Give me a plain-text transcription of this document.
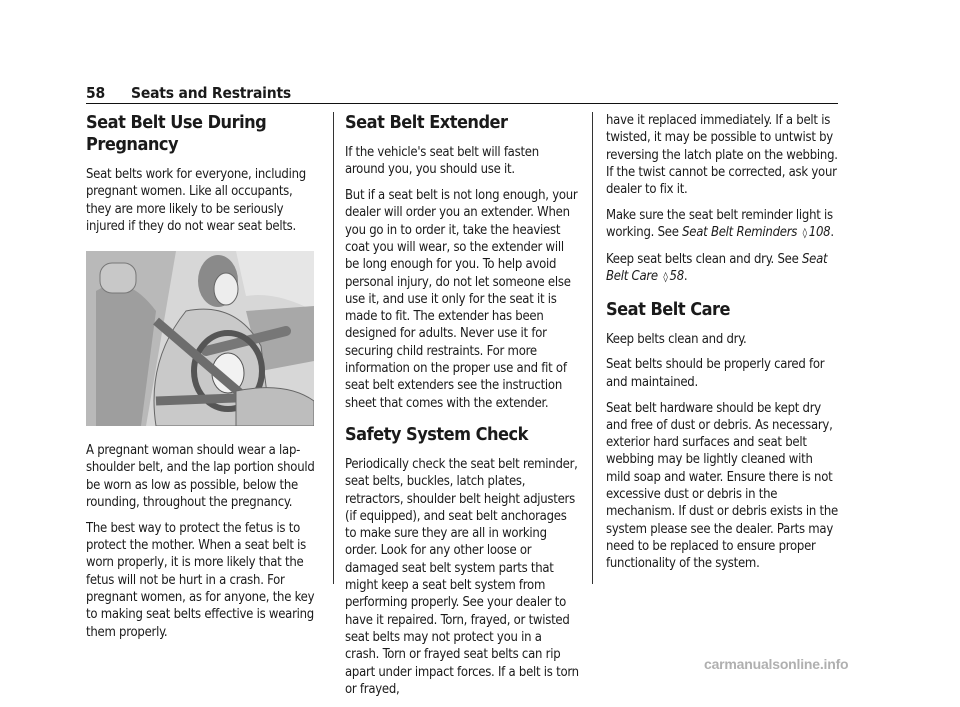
58 Seats and Restraints
Seat Belt Use During Pregnancy

Seat belts work for everyone, including pregnant women. Like all occupants, they are more likely to be seriously injured if they do not wear seat belts.

A pregnant woman should wear a lap-shoulder belt, and the lap portion should be worn as low as possible, below the rounding, throughout the pregnancy.

The best way to protect the fetus is to protect the mother. When a seat belt is worn properly, it is more likely that the fetus will not be hurt in a crash. For pregnant women, as for anyone, the key to making seat belts effective is wearing them properly.

Seat Belt Extender

If the vehicle's seat belt will fasten around you, you should use it.

But if a seat belt is not long enough, your dealer will order you an extender. When you go in to order it, take the heaviest coat you will wear, so the extender will be long enough for you. To help avoid personal injury, do not let someone else use it, and use it only for the seat it is made to fit. The extender has been designed for adults. Never use it for securing child restraints. For more information on the proper use and fit of seat belt extenders see the instruction sheet that comes with the extender.

Safety System Check

Periodically check the seat belt reminder, seat belts, buckles, latch plates, retractors, shoulder belt height adjusters (if equipped), and seat belt anchorages to make sure they are all in working order. Look for any other loose or damaged seat belt system parts that might keep a seat belt system from performing properly. See your dealer to have it repaired. Torn, frayed, or twisted seat belts may not protect you in a crash. Torn or frayed seat belts can rip apart under impact forces. If a belt is torn or frayed,

have it replaced immediately. If a belt is twisted, it may be possible to untwist by reversing the latch plate on the webbing. If the twist cannot be corrected, ask your dealer to fix it.

Make sure the seat belt reminder light is working. See Seat Belt Reminders ◊ 108.

Keep seat belts clean and dry. See Seat Belt Care ◊ 58.

Seat Belt Care

Keep belts clean and dry.

Seat belts should be properly cared for and maintained.

Seat belt hardware should be kept dry and free of dust or debris. As necessary, exterior hard surfaces and seat belt webbing may be lightly cleaned with mild soap and water. Ensure there is not excessive dust or debris in the mechanism. If dust or debris exists in the system please see the dealer. Parts may need to be replaced to ensure proper functionality of the system.

carmanualsonline.info
